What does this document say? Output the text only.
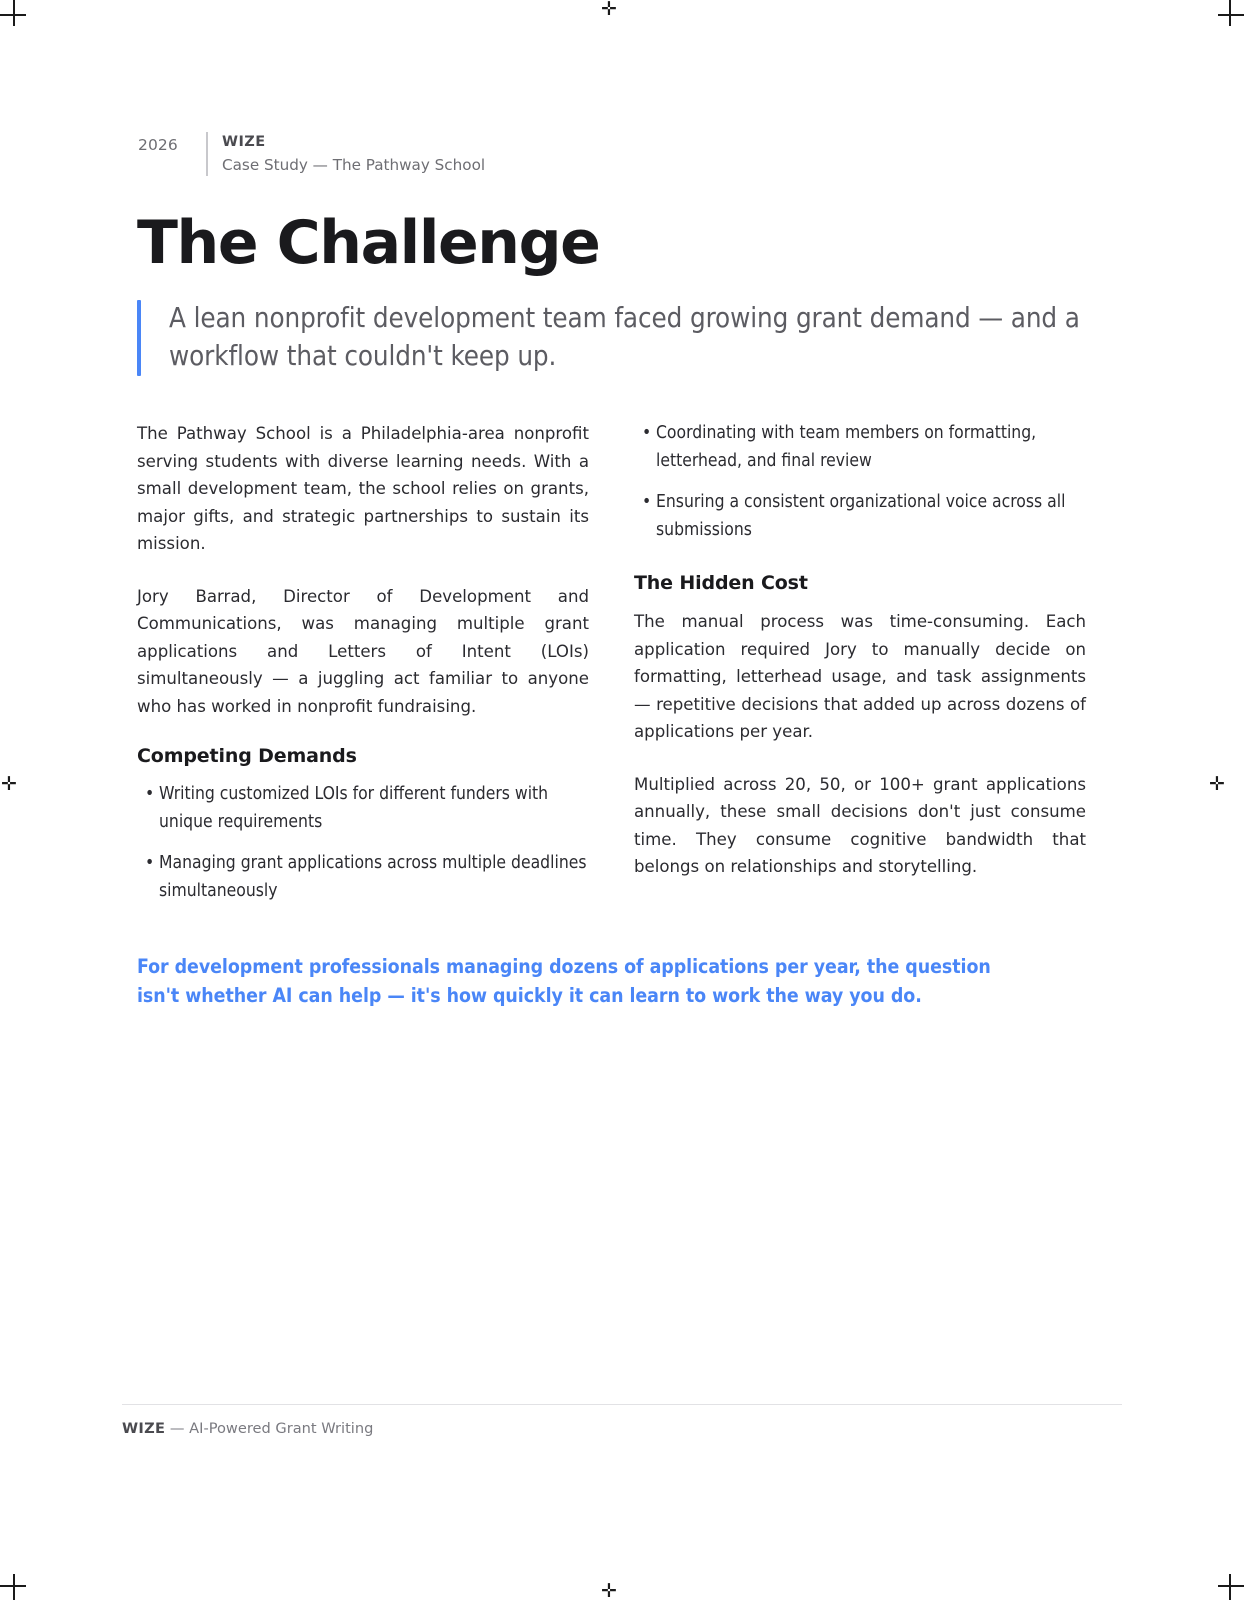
✛
✛
✛	✛
2026	WIZE
Case Study — The Pathway School
The Challenge
A lean nonprofit development team faced growing grant demand — and a workflow that couldn't keep up.

The Pathway School is a Philadelphia-area nonprofit serving students with diverse learning needs. With a small development team, the school relies on grants, major gifts, and strategic partnerships to sustain its mission.

Jory Barrad, Director of Development and Communications, was managing multiple grant applications and Letters of Intent (LOIs) simultaneously — a juggling act familiar to anyone who has worked in nonprofit fundraising.

Competing Demands
• Writing customized LOIs for different funders with unique requirements
• Managing grant applications across multiple deadlines simultaneously
• Coordinating with team members on formatting, letterhead, and final review
• Ensuring a consistent organizational voice across all submissions
The Hidden Cost

The manual process was time-consuming. Each application required Jory to manually decide on formatting, letterhead usage, and task assignments — repetitive decisions that added up across dozens of applications per year.

Multiplied across 20, 50, or 100+ grant applications annually, these small decisions don't just consume time. They consume cognitive bandwidth that belongs on relationships and storytelling.

For development professionals managing dozens of applications per year, the question isn't whether AI can help — it's how quickly it can learn to work the way you do.
WIZE — AI-Powered Grant Writing
